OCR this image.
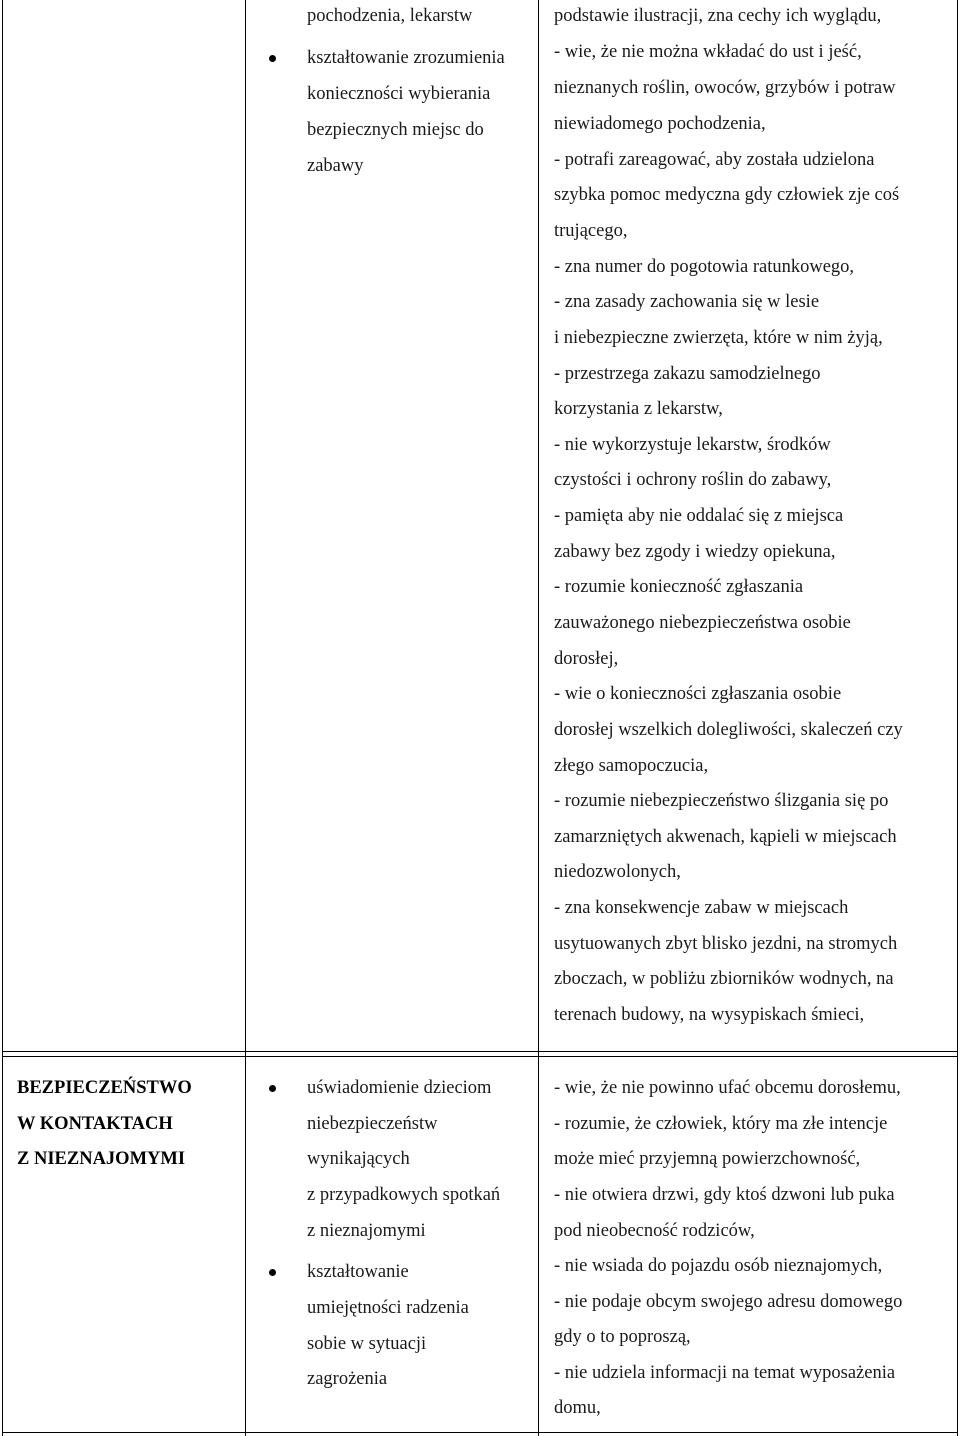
pochodzenia, lekarstw
kształtowanie zrozumienia
konieczności wybierania
bezpiecznych miejsc do
zabawy
podstawie ilustracji, zna cechy ich wyglądu,
- wie, że nie można wkładać do ust i jeść,
nieznanych roślin, owoców, grzybów i potraw
niewiadomego pochodzenia,
- potrafi zareagować, aby została udzielona
szybka pomoc medyczna gdy człowiek zje coś
trującego,
- zna numer do pogotowia ratunkowego,
- zna zasady zachowania się w lesie
i niebezpieczne zwierzęta, które w nim żyją,
- przestrzega zakazu samodzielnego
korzystania z lekarstw,
- nie wykorzystuje lekarstw, środków
czystości i ochrony roślin do zabawy,
- pamięta aby nie oddalać się z miejsca
zabawy bez zgody i wiedzy opiekuna,
- rozumie konieczność zgłaszania
zauważonego niebezpieczeństwa osobie
dorosłej,
- wie o konieczności zgłaszania osobie
dorosłej wszelkich dolegliwości, skaleczeń czy
złego samopoczucia,
- rozumie niebezpieczeństwo ślizgania się po
zamarzniętych akwenach, kąpieli w miejscach
niedozwolonych,
- zna konsekwencje zabaw w miejscach
usytuowanych zbyt blisko jezdni, na stromych
zboczach, w pobliżu zbiorników wodnych, na
terenach budowy, na wysypiskach śmieci,
BEZPIECZEŃSTWO
W KONTAKTACH
Z NIEZNAJOMYMI
uświadomienie dzieciom
niebezpieczeństw
wynikających
z przypadkowych spotkań
z nieznajomymi
kształtowanie
umiejętności radzenia
sobie w sytuacji
zagrożenia
- wie, że nie powinno ufać obcemu dorosłemu,
- rozumie, że człowiek, który ma złe intencje
może mieć przyjemną powierzchowność,
- nie otwiera drzwi, gdy ktoś dzwoni lub puka
pod nieobecność rodziców,
- nie wsiada do pojazdu osób nieznajomych,
- nie podaje obcym swojego adresu domowego
gdy o to poproszą,
- nie udziela informacji na temat wyposażenia
domu,
